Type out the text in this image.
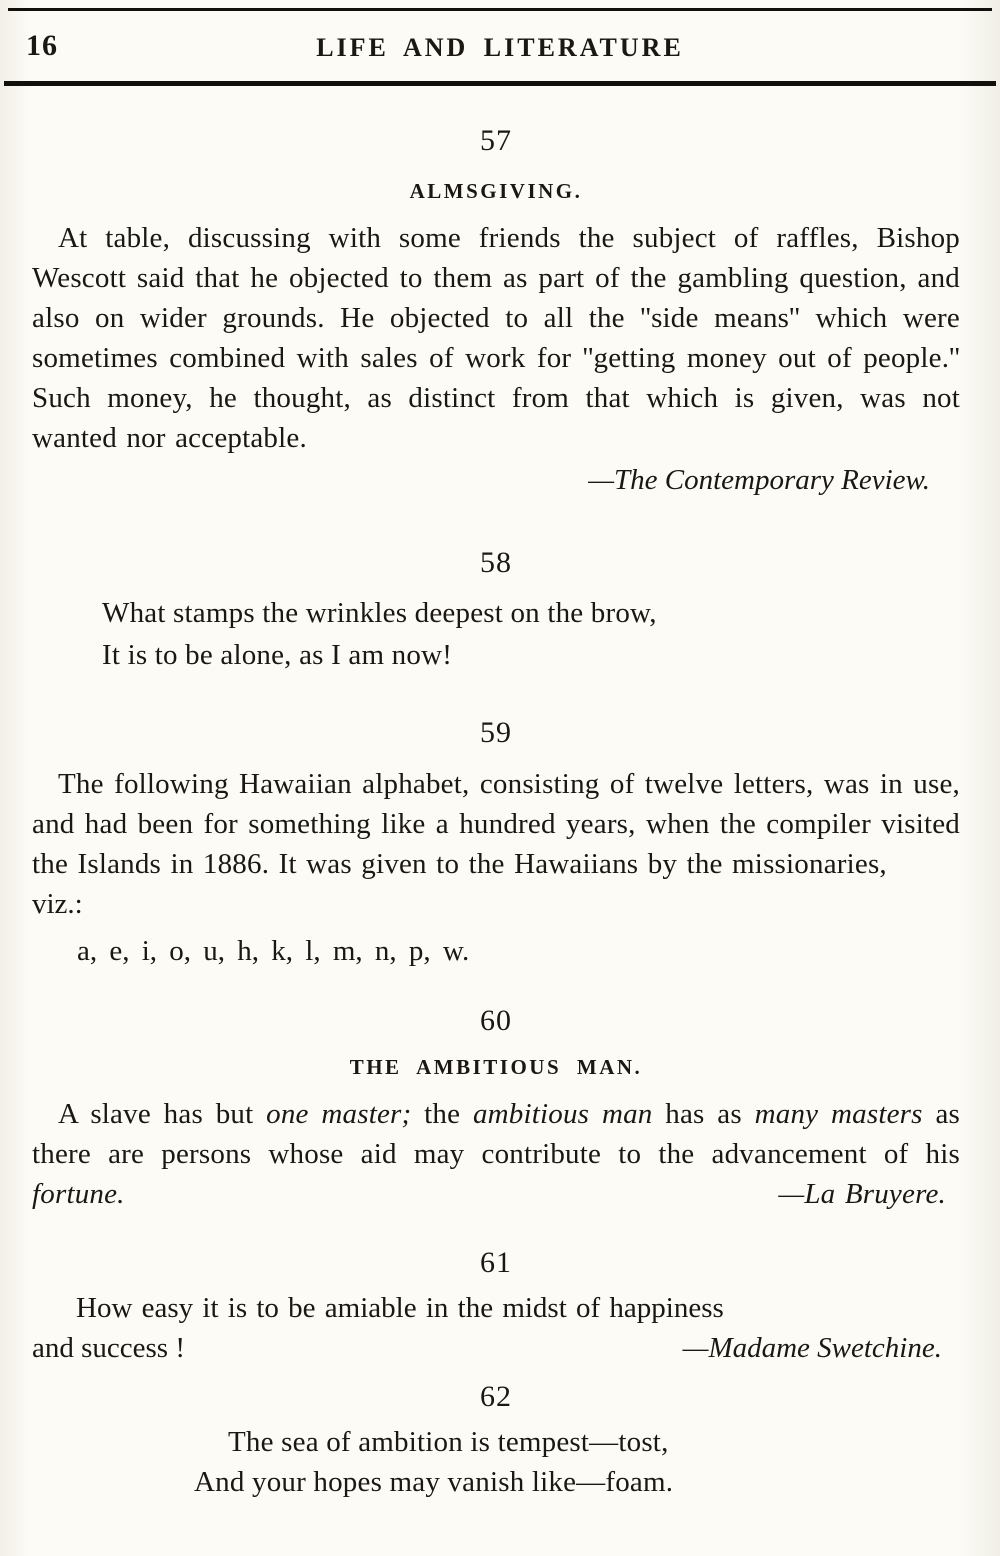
16	LIFE AND LITERATURE
57
ALMSGIVING.

At table, discussing with some friends the subject of raffles, Bishop Wescott said that he objected to them as part of the gambling question, and also on wider grounds. He objected to all the ''side means'' which were sometimes combined with sales of work for ''getting money out of people.'' Such money, he thought, as distinct from that which is given, was not wanted nor acceptable.

—The Contemporary Review.
58
What stamps the wrinkles deepest on the brow,
It is to be alone, as I am now!
59

The following Hawaiian alphabet, consisting of twelve letters, was in use, and had been for something like a hundred years, when the compiler visited the Islands in 1886. It was given to the Hawaiians by the missionaries,

viz.:
a, e, i, o, u, h, k, l, m, n, p, w.
60
THE AMBITIOUS MAN.

A slave has but one master; the ambitious man has as many masters as there are persons whose aid may contribute to the advancement of his fortune.	—La Bruyere.

61
How easy it is to be amiable in the midst of happiness
and success !	—Madame Swetchine.
62
The sea of ambition is tempest—tost,
And your hopes may vanish like—foam.
